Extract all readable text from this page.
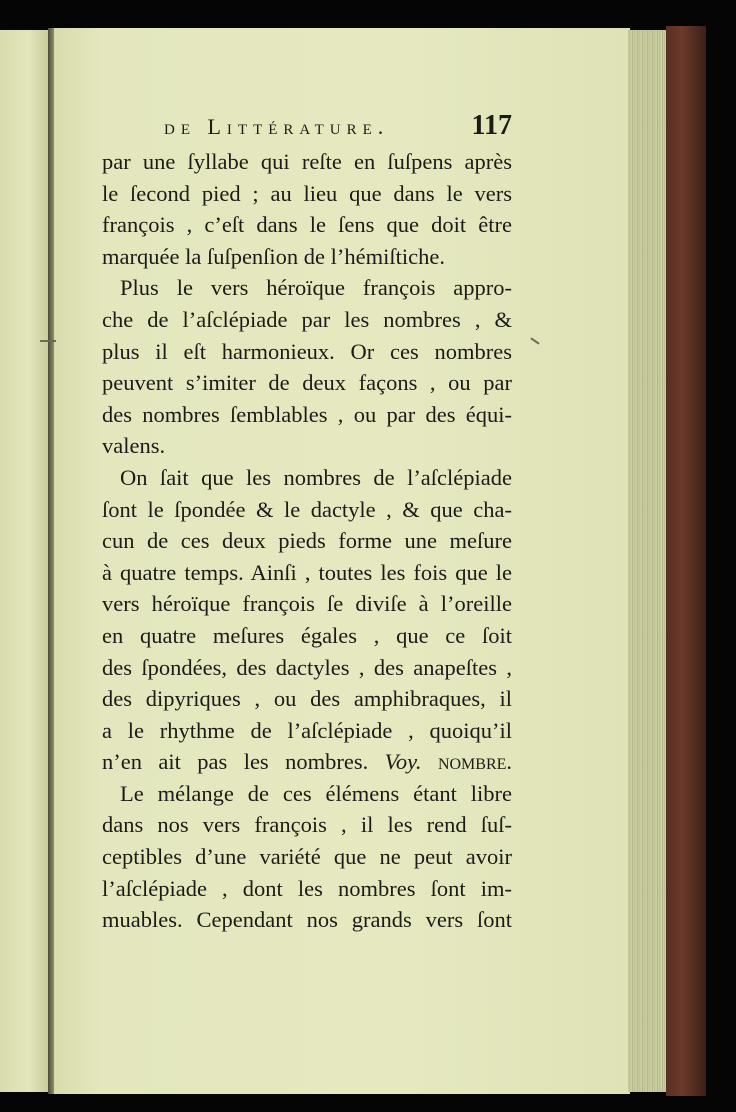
de Littérature.	117
par une ſyllabe qui reſte en ſuſpens après
le ſecond pied ; au lieu que dans le vers
françois , c’eſt dans le ſens que doit être
marquée la ſuſpenſion de l’hémiſtiche.
Plus le vers héroïque françois appro-
che de l’aſclépiade par les nombres , &
plus il eſt harmonieux. Or ces nombres
peuvent s’imiter de deux façons , ou par
des nombres ſemblables , ou par des équi-
valens.
On ſait que les nombres de l’aſclépiade
ſont le ſpondée & le dactyle , & que cha-
cun de ces deux pieds forme une meſure
à quatre temps. Ainſi , toutes les fois que le
vers héroïque françois ſe diviſe à l’oreille
en quatre meſures égales , que ce ſoit
des ſpondées, des dactyles , des anapeſtes ,
des dipyriques , ou des amphibraques, il
a le rhythme de l’aſclépiade , quoiqu’il
n’en ait pas les nombres. Voy. nombre.
Le mélange de ces élémens étant libre
dans nos vers françois , il les rend ſuſ-
ceptibles d’une variété que ne peut avoir
l’aſclépiade , dont les nombres ſont im-
muables. Cependant nos grands vers ſont
